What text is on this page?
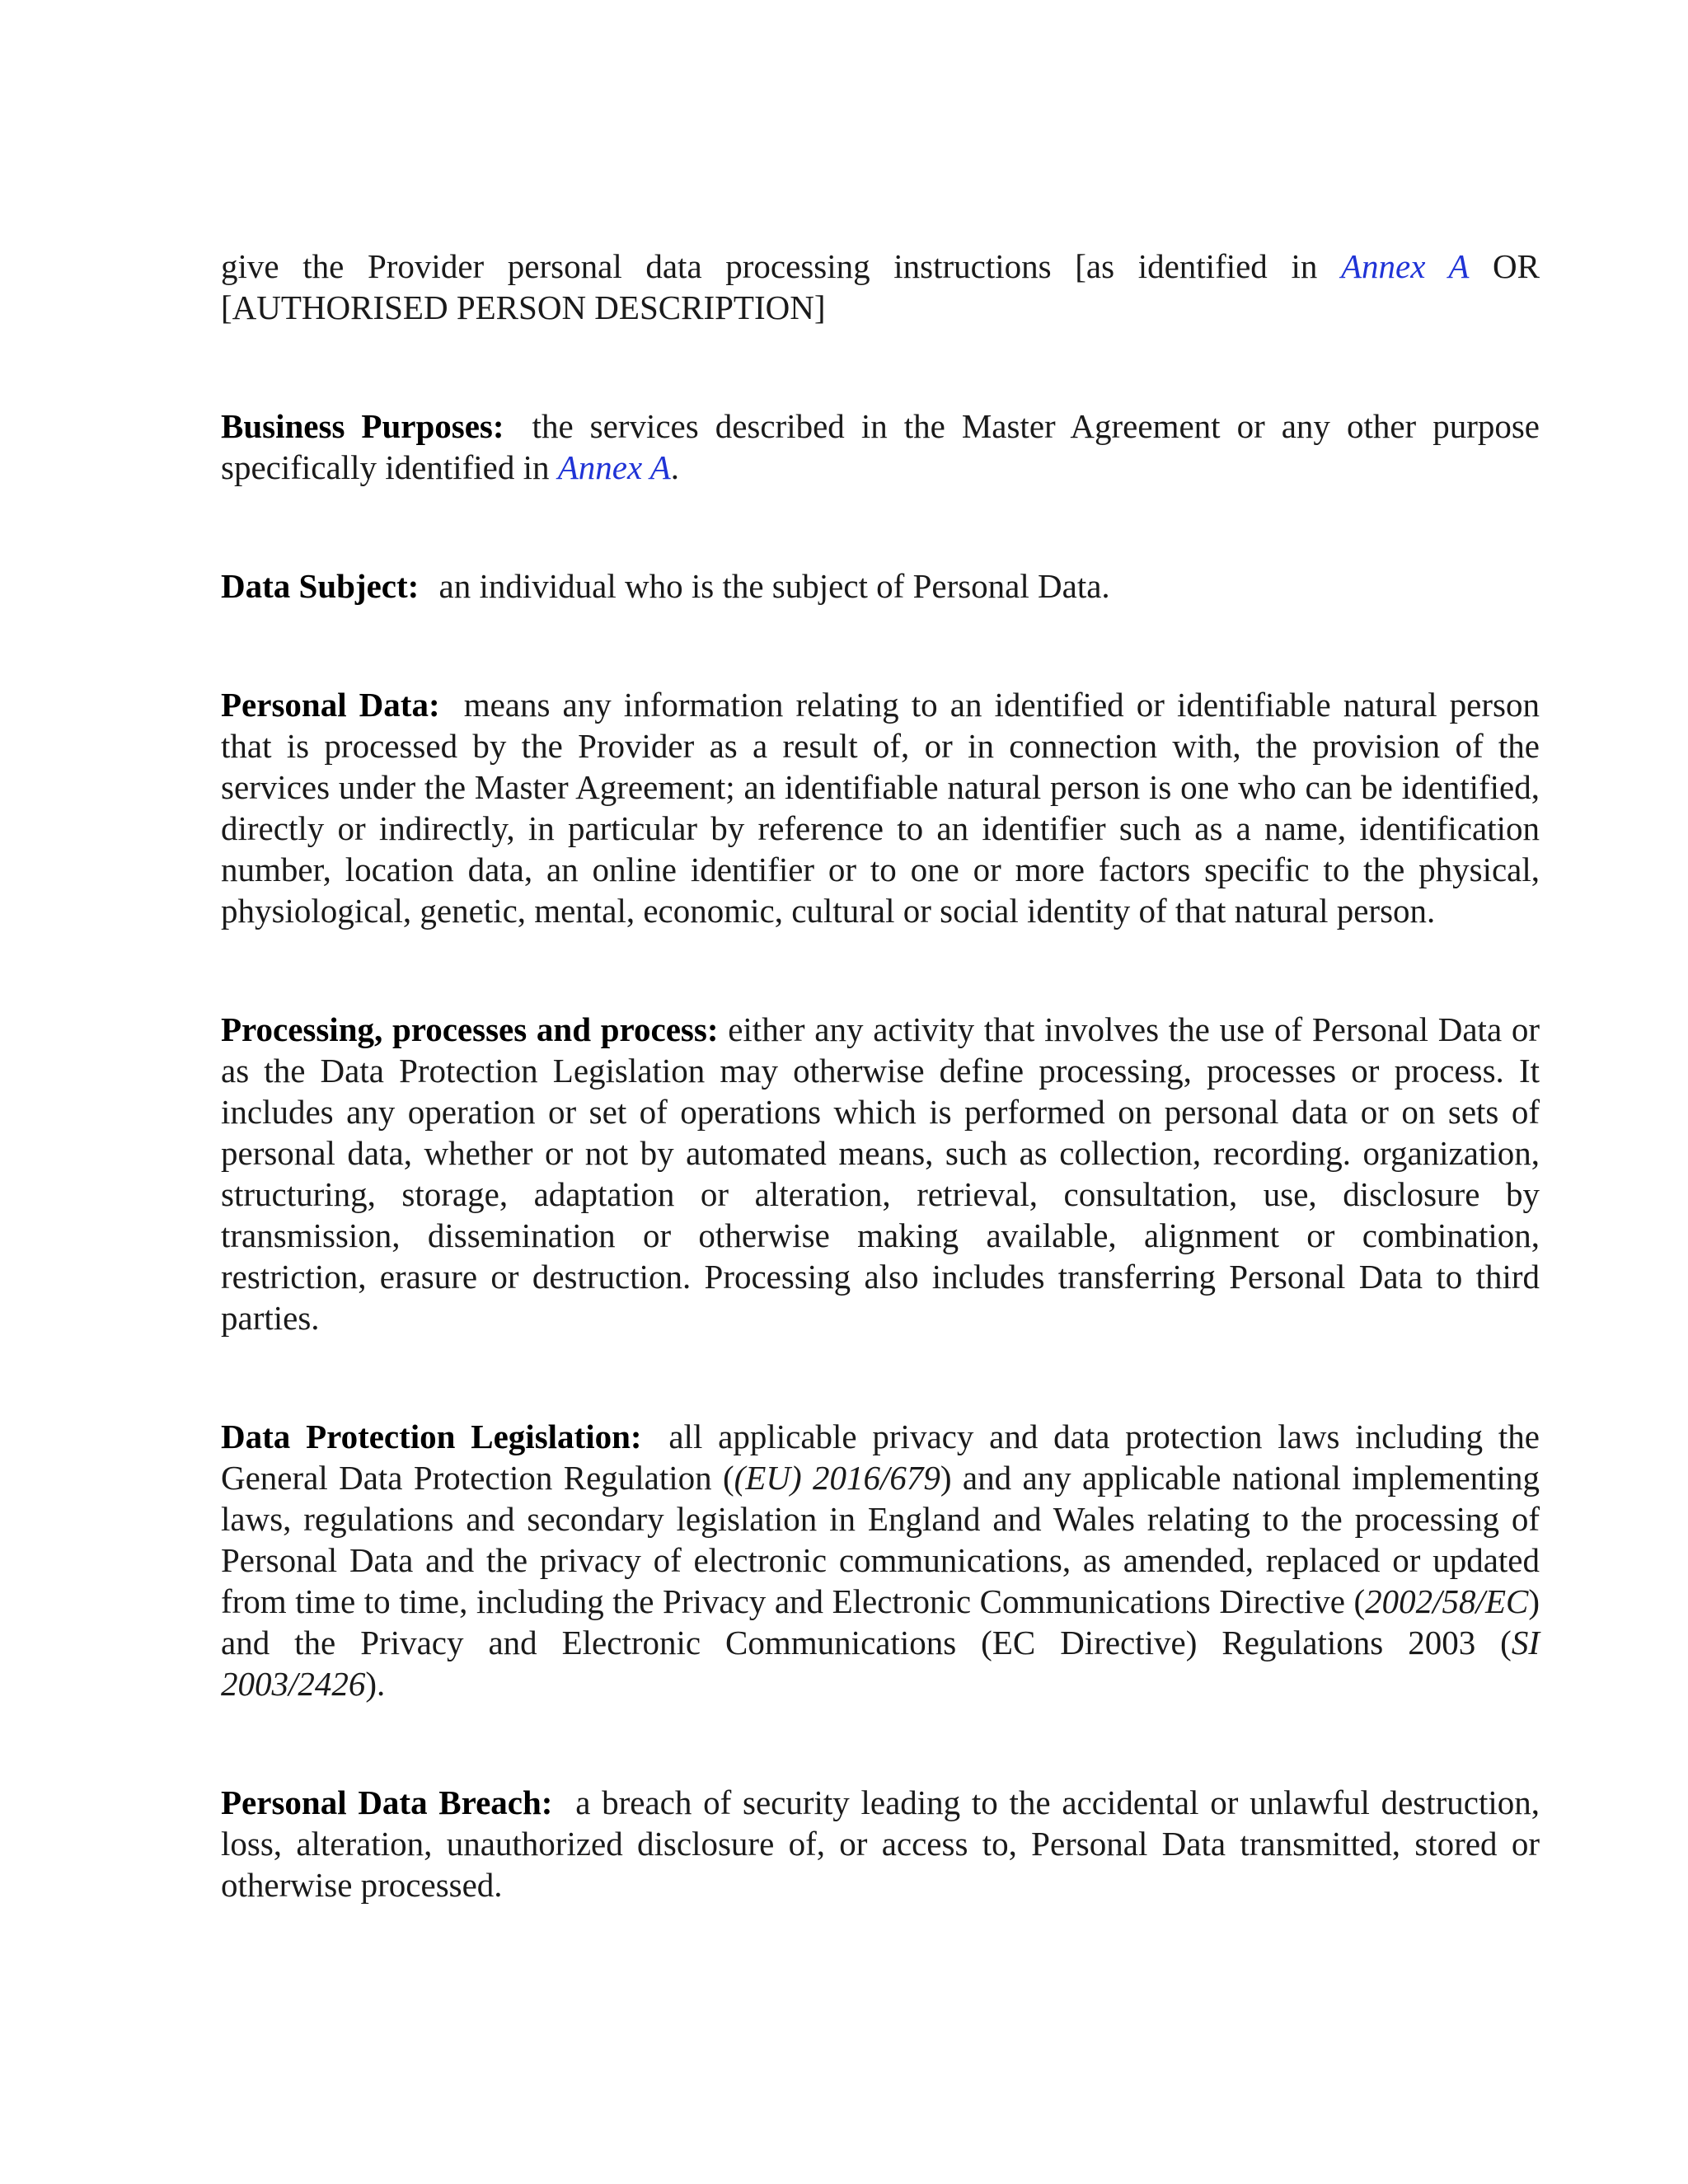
give the Provider personal data processing instructions [as identified in Annex A OR [AUTHORISED PERSON DESCRIPTION]

Business Purposes: the services described in the Master Agreement or any other purpose specifically identified in Annex A.

Data Subject: an individual who is the subject of Personal Data.

Personal Data: means any information relating to an identified or identifiable natural person that is processed by the Provider as a result of, or in connection with, the provision of the services under the Master Agreement; an identifiable natural person is one who can be identified, directly or indirectly, in particular by reference to an identifier such as a name, identification number, location data, an online identifier or to one or more factors specific to the physical, physiological, genetic, mental, economic, cultural or social identity of that natural person.

Processing, processes and process: either any activity that involves the use of Personal Data or as the Data Protection Legislation may otherwise define processing, processes or process. It includes any operation or set of operations which is performed on personal data or on sets of personal data, whether or not by automated means, such as collection, recording. organization, structuring, storage, adaptation or alteration, retrieval, consultation, use, disclosure by transmission, dissemination or otherwise making available, alignment or combination, restriction, erasure or destruction. Processing also includes transferring Personal Data to third parties.

Data Protection Legislation: all applicable privacy and data protection laws including the General Data Protection Regulation ((EU) 2016/679) and any applicable national implementing laws, regulations and secondary legislation in England and Wales relating to the processing of Personal Data and the privacy of electronic communications, as amended, replaced or updated from time to time, including the Privacy and Electronic Communications Directive (2002/58/EC) and the Privacy and Electronic Communications (EC Directive) Regulations 2003 (SI 2003/2426).

Personal Data Breach: a breach of security leading to the accidental or unlawful destruction, loss, alteration, unauthorized disclosure of, or access to, Personal Data transmitted, stored or otherwise processed.
